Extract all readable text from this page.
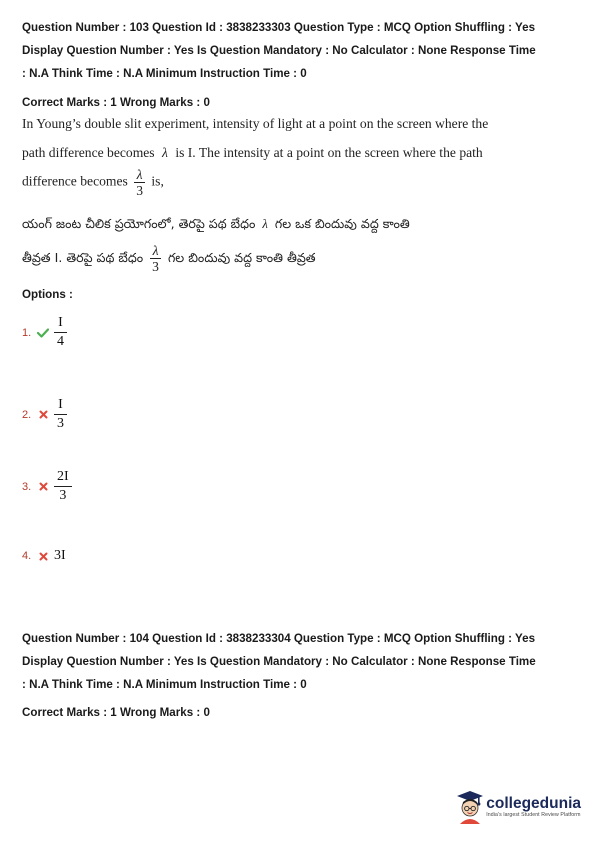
Question Number : 103 Question Id : 3838233303 Question Type : MCQ Option Shuffling : Yes
Display Question Number : Yes Is Question Mandatory : No Calculator : None Response Time
: N.A Think Time : N.A Minimum Instruction Time : 0
Correct Marks : 1 Wrong Marks : 0
In Young’s double slit experiment, intensity of light at a point on the screen where the
path difference becomes λ is I. The intensity at a point on the screen where the path
difference becomes $\frac{\lambda}{3}$ is,
యంగ్ జంట చీలిక ప్రయోగంలో, తెరపై పథ బేధం λ గల ఒక బిందువు వద్ద కాంతి
తీవ్రత I. తెరపై పథ బేధం $\frac{\lambda}{3}$ గల బిందువు వద్ద కాంతి తీవ్రత
Options :
1.	$\frac{I}{4}$
2.	$\frac{I}{3}$
3.	$\frac{2I}{3}$
4.	3I
Question Number : 104 Question Id : 3838233304 Question Type : MCQ Option Shuffling : Yes
Display Question Number : Yes Is Question Mandatory : No Calculator : None Response Time
: N.A Think Time : N.A Minimum Instruction Time : 0
Correct Marks : 1 Wrong Marks : 0
collegedunia
India's largest Student Review Platform
